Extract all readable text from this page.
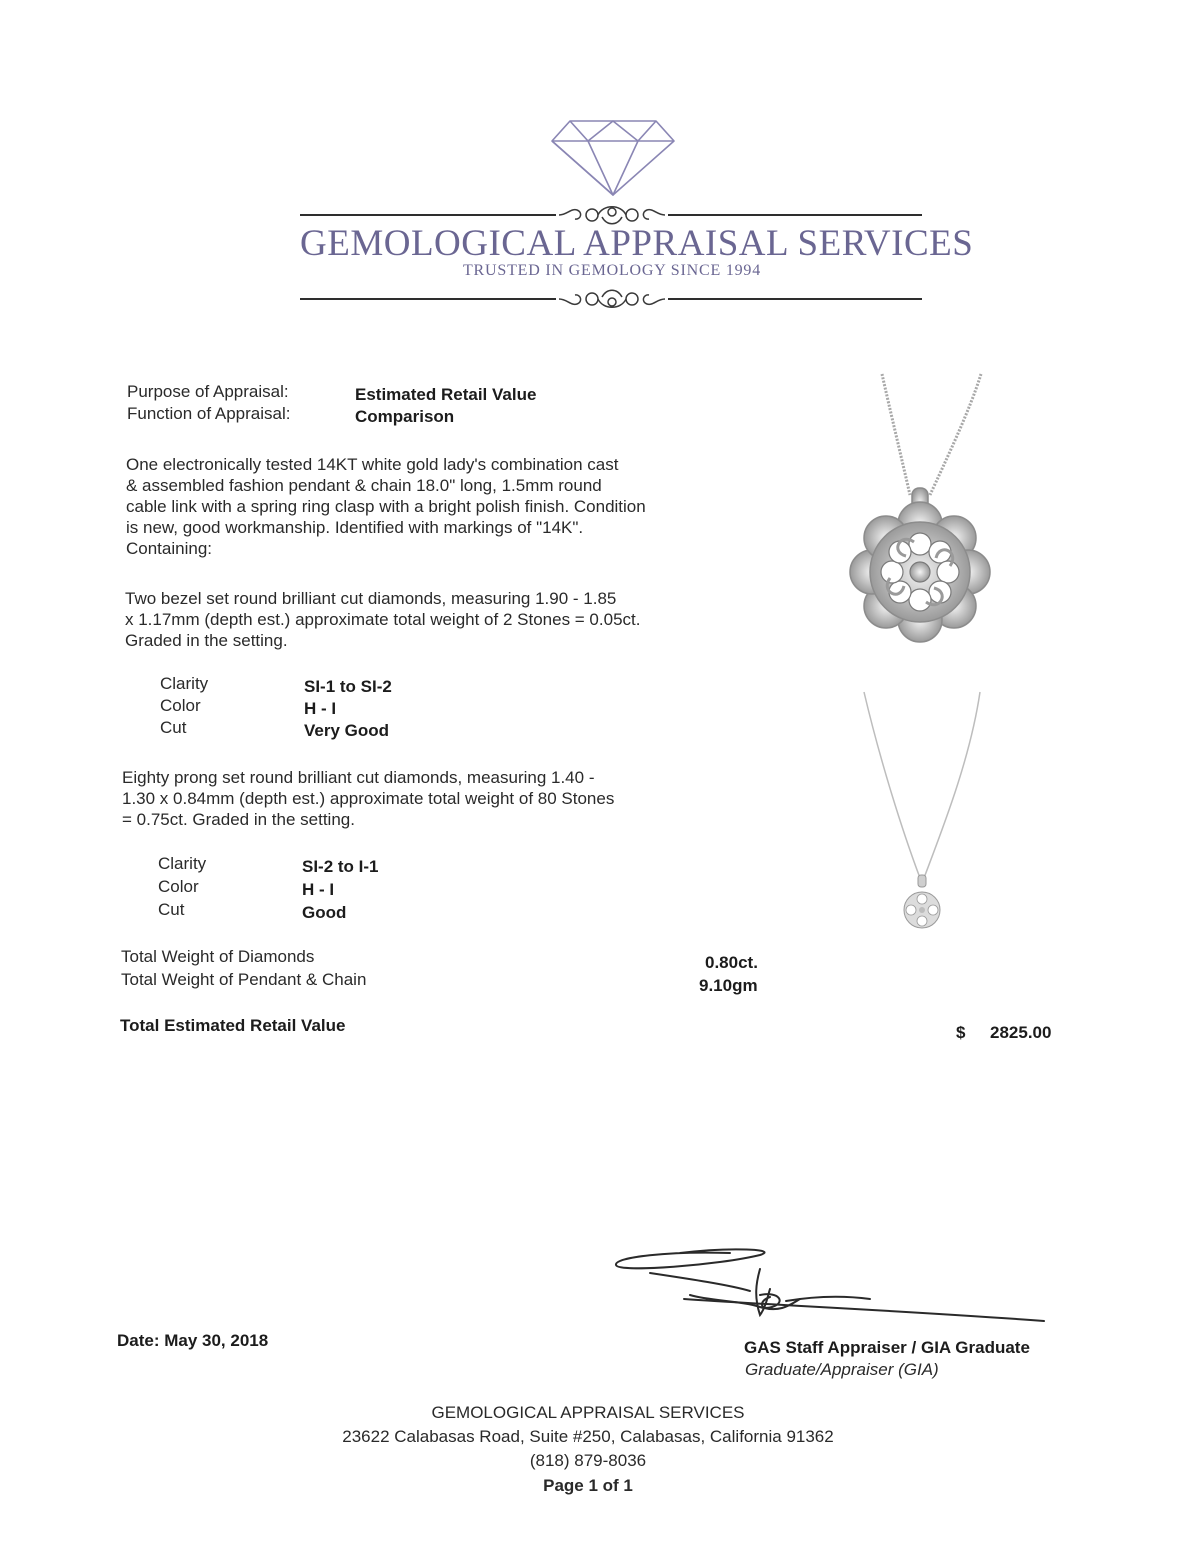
GEMOLOGICAL APPRAISAL SERVICES
TRUSTED IN GEMOLOGY SINCE 1994
Purpose of Appraisal:	Estimated Retail Value
Function of Appraisal:	Comparison
One electronically tested 14KT white gold lady's combination cast
& assembled fashion pendant & chain 18.0" long, 1.5mm round
cable link with a spring ring clasp with a bright polish finish. Condition
is new, good workmanship. Identified with markings of "14K".
Containing:
Two bezel set round brilliant cut diamonds, measuring 1.90 - 1.85
x 1.17mm (depth est.) approximate total weight of 2 Stones = 0.05ct.
Graded in the setting.
Clarity	SI-1 to SI-2
Color	H - I
Cut	Very Good
Eighty prong set round brilliant cut diamonds, measuring 1.40 -
1.30 x 0.84mm (depth est.) approximate total weight of 80 Stones
= 0.75ct. Graded in the setting.
Clarity	SI-2 to I-1
Color	H - I
Cut	Good
Total Weight of Diamonds	0.80ct.
Total Weight of Pendant & Chain	9.10gm
Total Estimated Retail Value	$ 2825.00
Date: May 30, 2018	GAS Staff Appraiser / GIA Graduate
Graduate/Appraiser (GIA)
GEMOLOGICAL APPRAISAL SERVICES
23622 Calabasas Road, Suite #250, Calabasas, California 91362
(818) 879-8036
Page 1 of 1
